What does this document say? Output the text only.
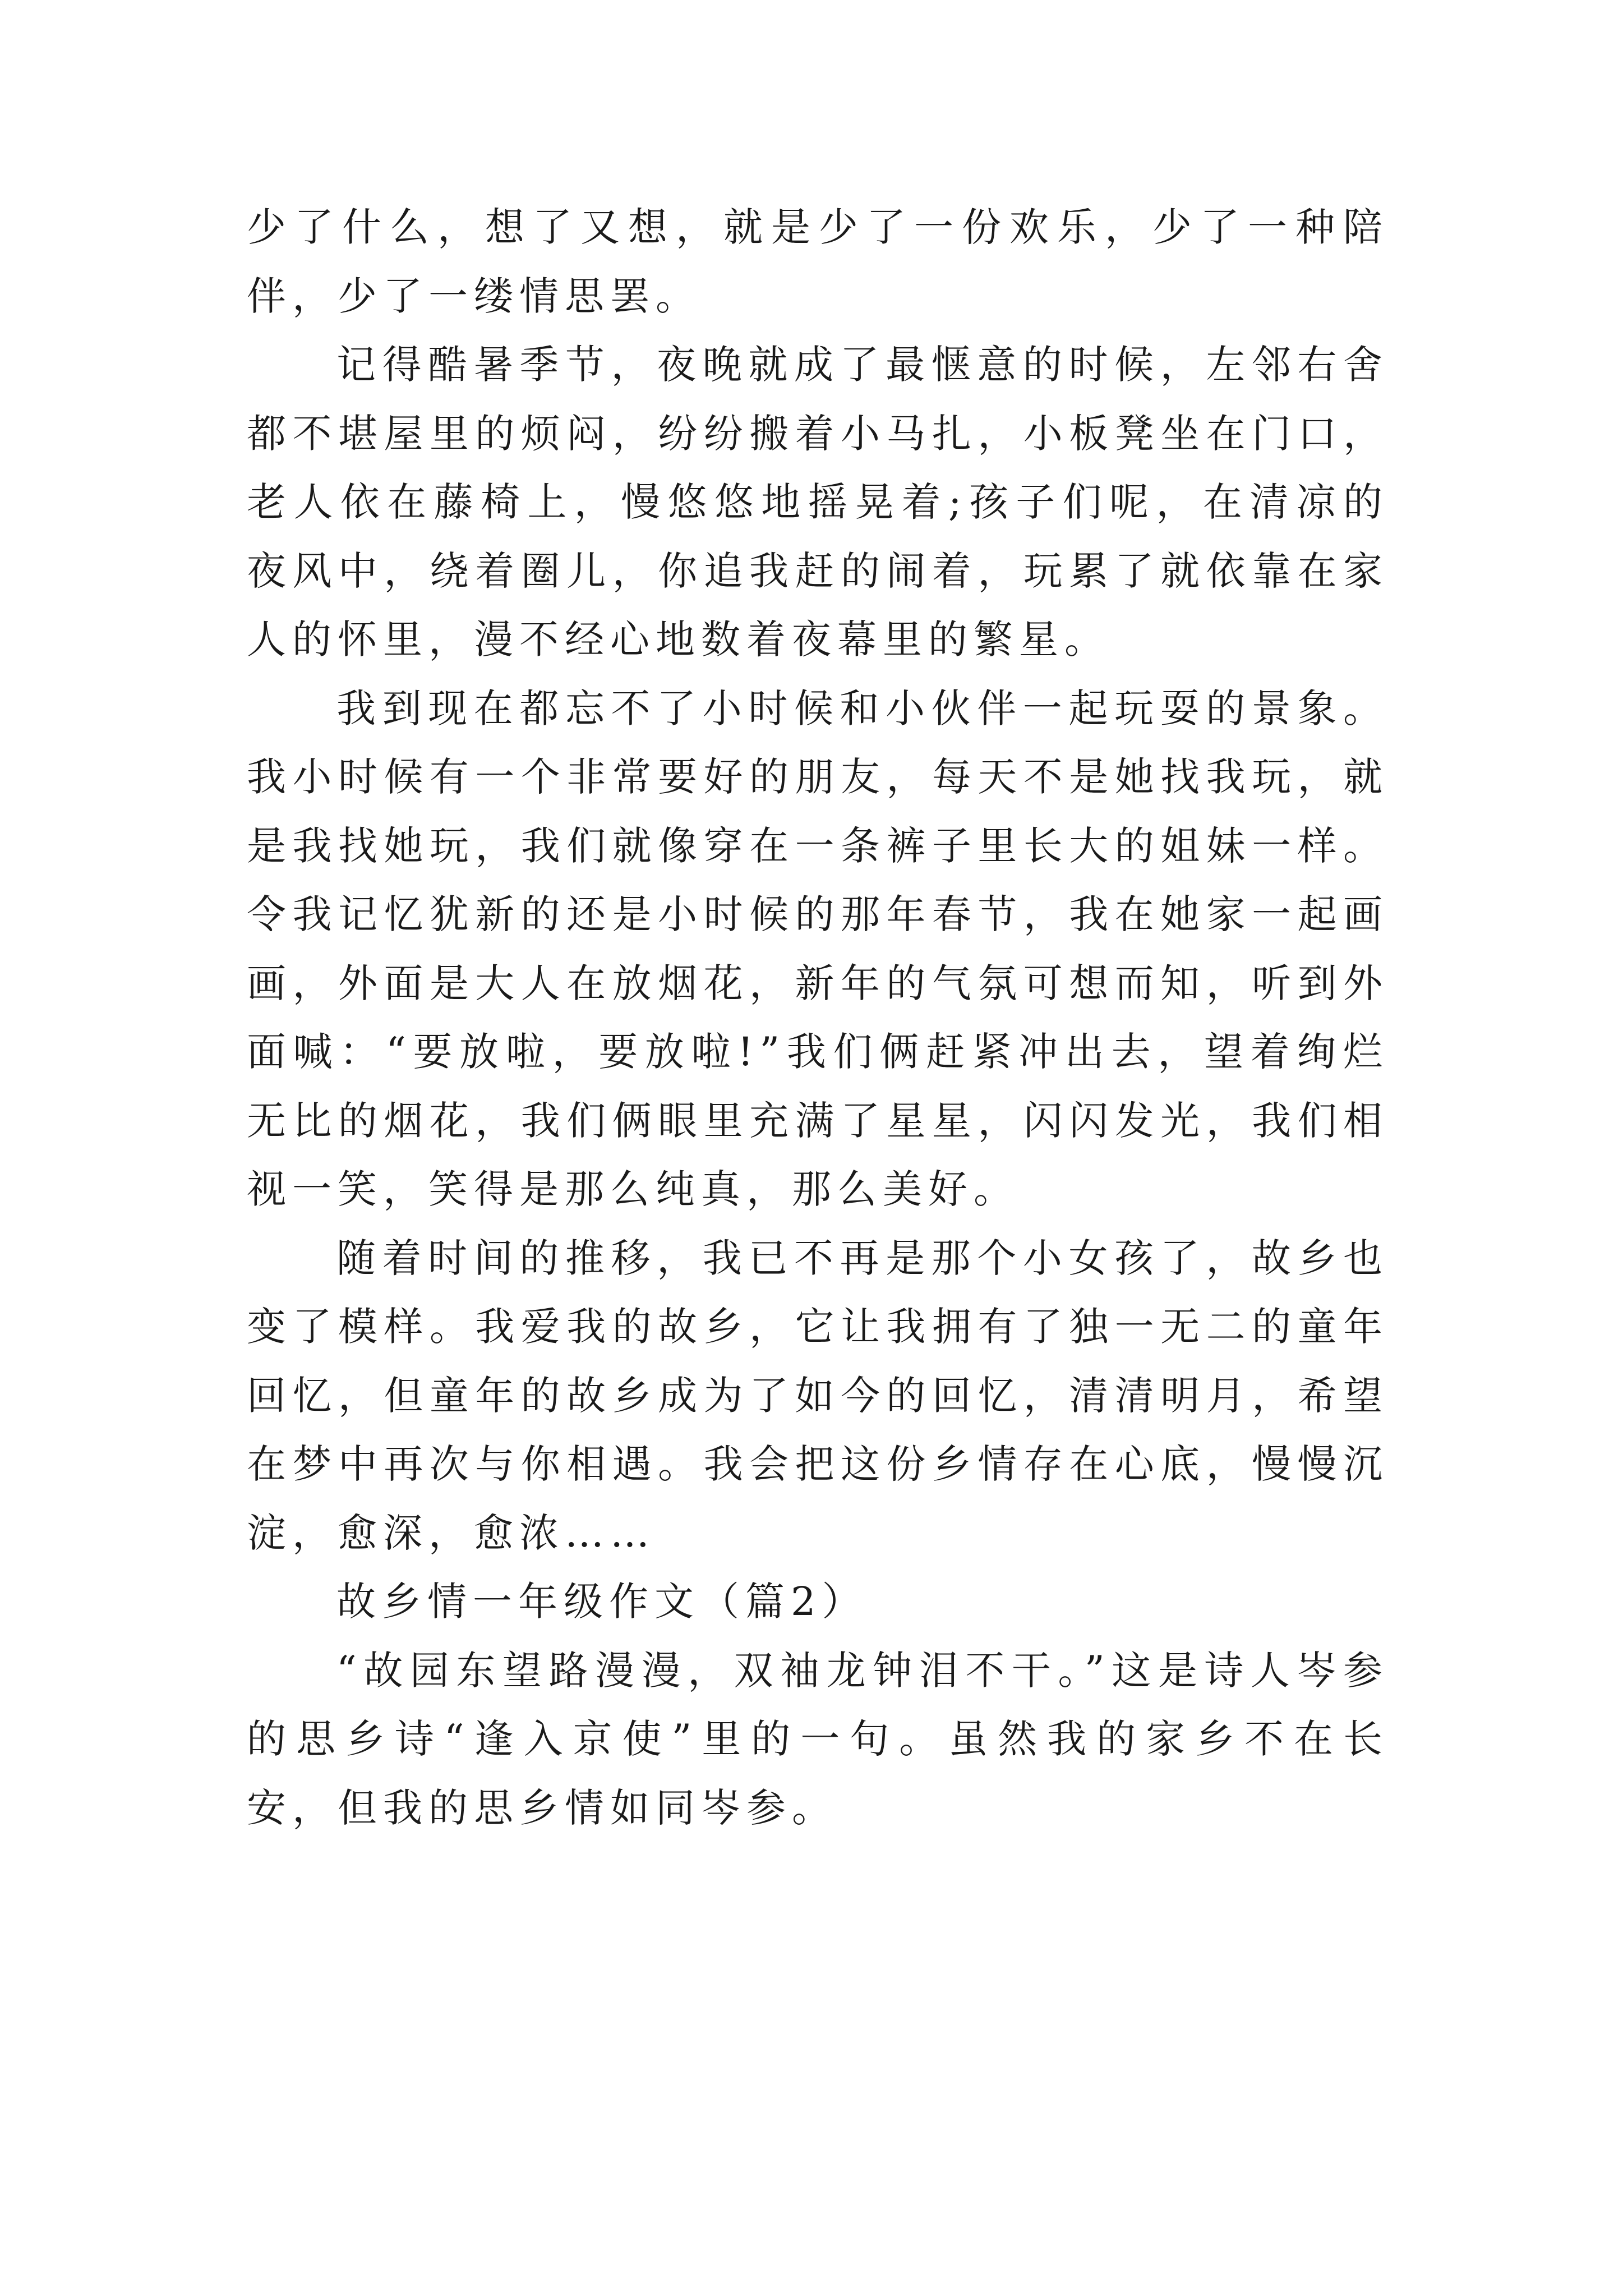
少了什么，想了又想，就是少了一份欢乐，少了一种陪伴，少了一缕情思罢。

记得酷暑季节，夜晚就成了最惬意的时候，左邻右舍都不堪屋里的烦闷，纷纷搬着小马扎，小板凳坐在门口，老人依在藤椅上，慢悠悠地摇晃着;孩子们呢，在清凉的夜风中，绕着圈儿，你追我赶的闹着，玩累了就依靠在家人的怀里，漫不经心地数着夜幕里的繁星。

我到现在都忘不了小时候和小伙伴一起玩耍的景象。我小时候有一个非常要好的朋友，每天不是她找我玩，就是我找她玩，我们就像穿在一条裤子里长大的姐妹一样。令我记忆犹新的还是小时候的那年春节，我在她家一起画画，外面是大人在放烟花，新年的气氛可想而知，听到外面喊：“要放啦，要放啦!”我们俩赶紧冲出去，望着绚烂无比的烟花，我们俩眼里充满了星星，闪闪发光，我们相视一笑，笑得是那么纯真，那么美好。

随着时间的推移，我已不再是那个小女孩了，故乡也变了模样。我爱我的故乡，它让我拥有了独一无二的童年回忆，但童年的故乡成为了如今的回忆，清清明月，希望在梦中再次与你相遇。我会把这份乡情存在心底，慢慢沉淀，愈深，愈浓……

故乡情一年级作文（篇2）

“故园东望路漫漫，双袖龙钟泪不干。”这是诗人岑参的思乡诗“逢入京使”里的一句。虽然我的家乡不在长安，但我的思乡情如同岑参。
